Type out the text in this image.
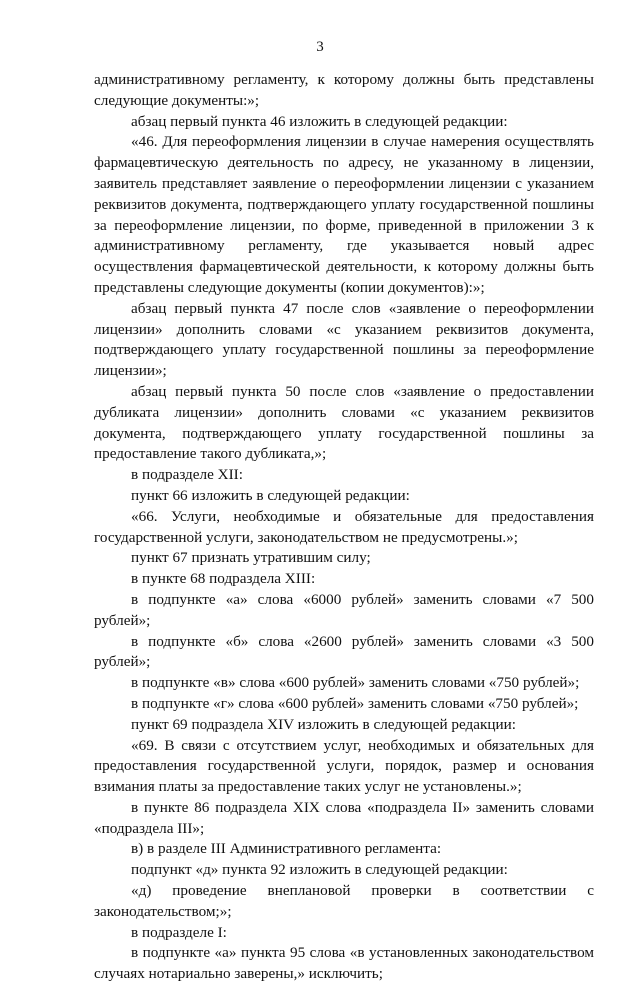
3

административному регламенту, к которому должны быть представлены следующие документы:»;

абзац первый пункта 46 изложить в следующей редакции:

«46. Для переоформления лицензии в случае намерения осуществлять фармацевтическую деятельность по адресу, не указанному в лицензии, заявитель представляет заявление о переоформлении лицензии с указанием реквизитов документа, подтверждающего уплату государственной пошлины за переоформление лицензии, по форме, приведенной в приложении 3 к административному регламенту, где указывается новый адрес осуществления фармацевтической деятельности, к которому должны быть представлены следующие документы (копии документов):»;

абзац первый пункта 47 после слов «заявление о переоформлении лицензии» дополнить словами «с указанием реквизитов документа, подтверждающего уплату государственной пошлины за переоформление лицензии»;

абзац первый пункта 50 после слов «заявление о предоставлении дубликата лицензии» дополнить словами «с указанием реквизитов документа, подтверждающего уплату государственной пошлины за предоставление такого дубликата,»;

в подразделе XII:

пункт 66 изложить в следующей редакции:

«66. Услуги, необходимые и обязательные для предоставления государственной услуги, законодательством не предусмотрены.»;

пункт 67 признать утратившим силу;

в пункте 68 подраздела XIII:

в подпункте «а» слова «6000 рублей» заменить словами «7 500 рублей»;

в подпункте «б» слова «2600 рублей» заменить словами «3 500 рублей»;

в подпункте «в» слова «600 рублей» заменить словами «750 рублей»;

в подпункте «г» слова «600 рублей» заменить словами «750 рублей»;

пункт 69 подраздела XIV изложить в следующей редакции:

«69. В связи с отсутствием услуг, необходимых и обязательных для предоставления государственной услуги, порядок, размер и основания взимания платы за предоставление таких услуг не установлены.»;

в пункте 86 подраздела XIX слова «подраздела II» заменить словами «подраздела III»;

в) в разделе III Административного регламента:

подпункт «д» пункта 92 изложить в следующей редакции:

«д) проведение внеплановой проверки в соответствии с законодательством;»;

в подразделе I:

в подпункте «а» пункта 95 слова «в установленных законодательством случаях нотариально заверены,» исключить;
